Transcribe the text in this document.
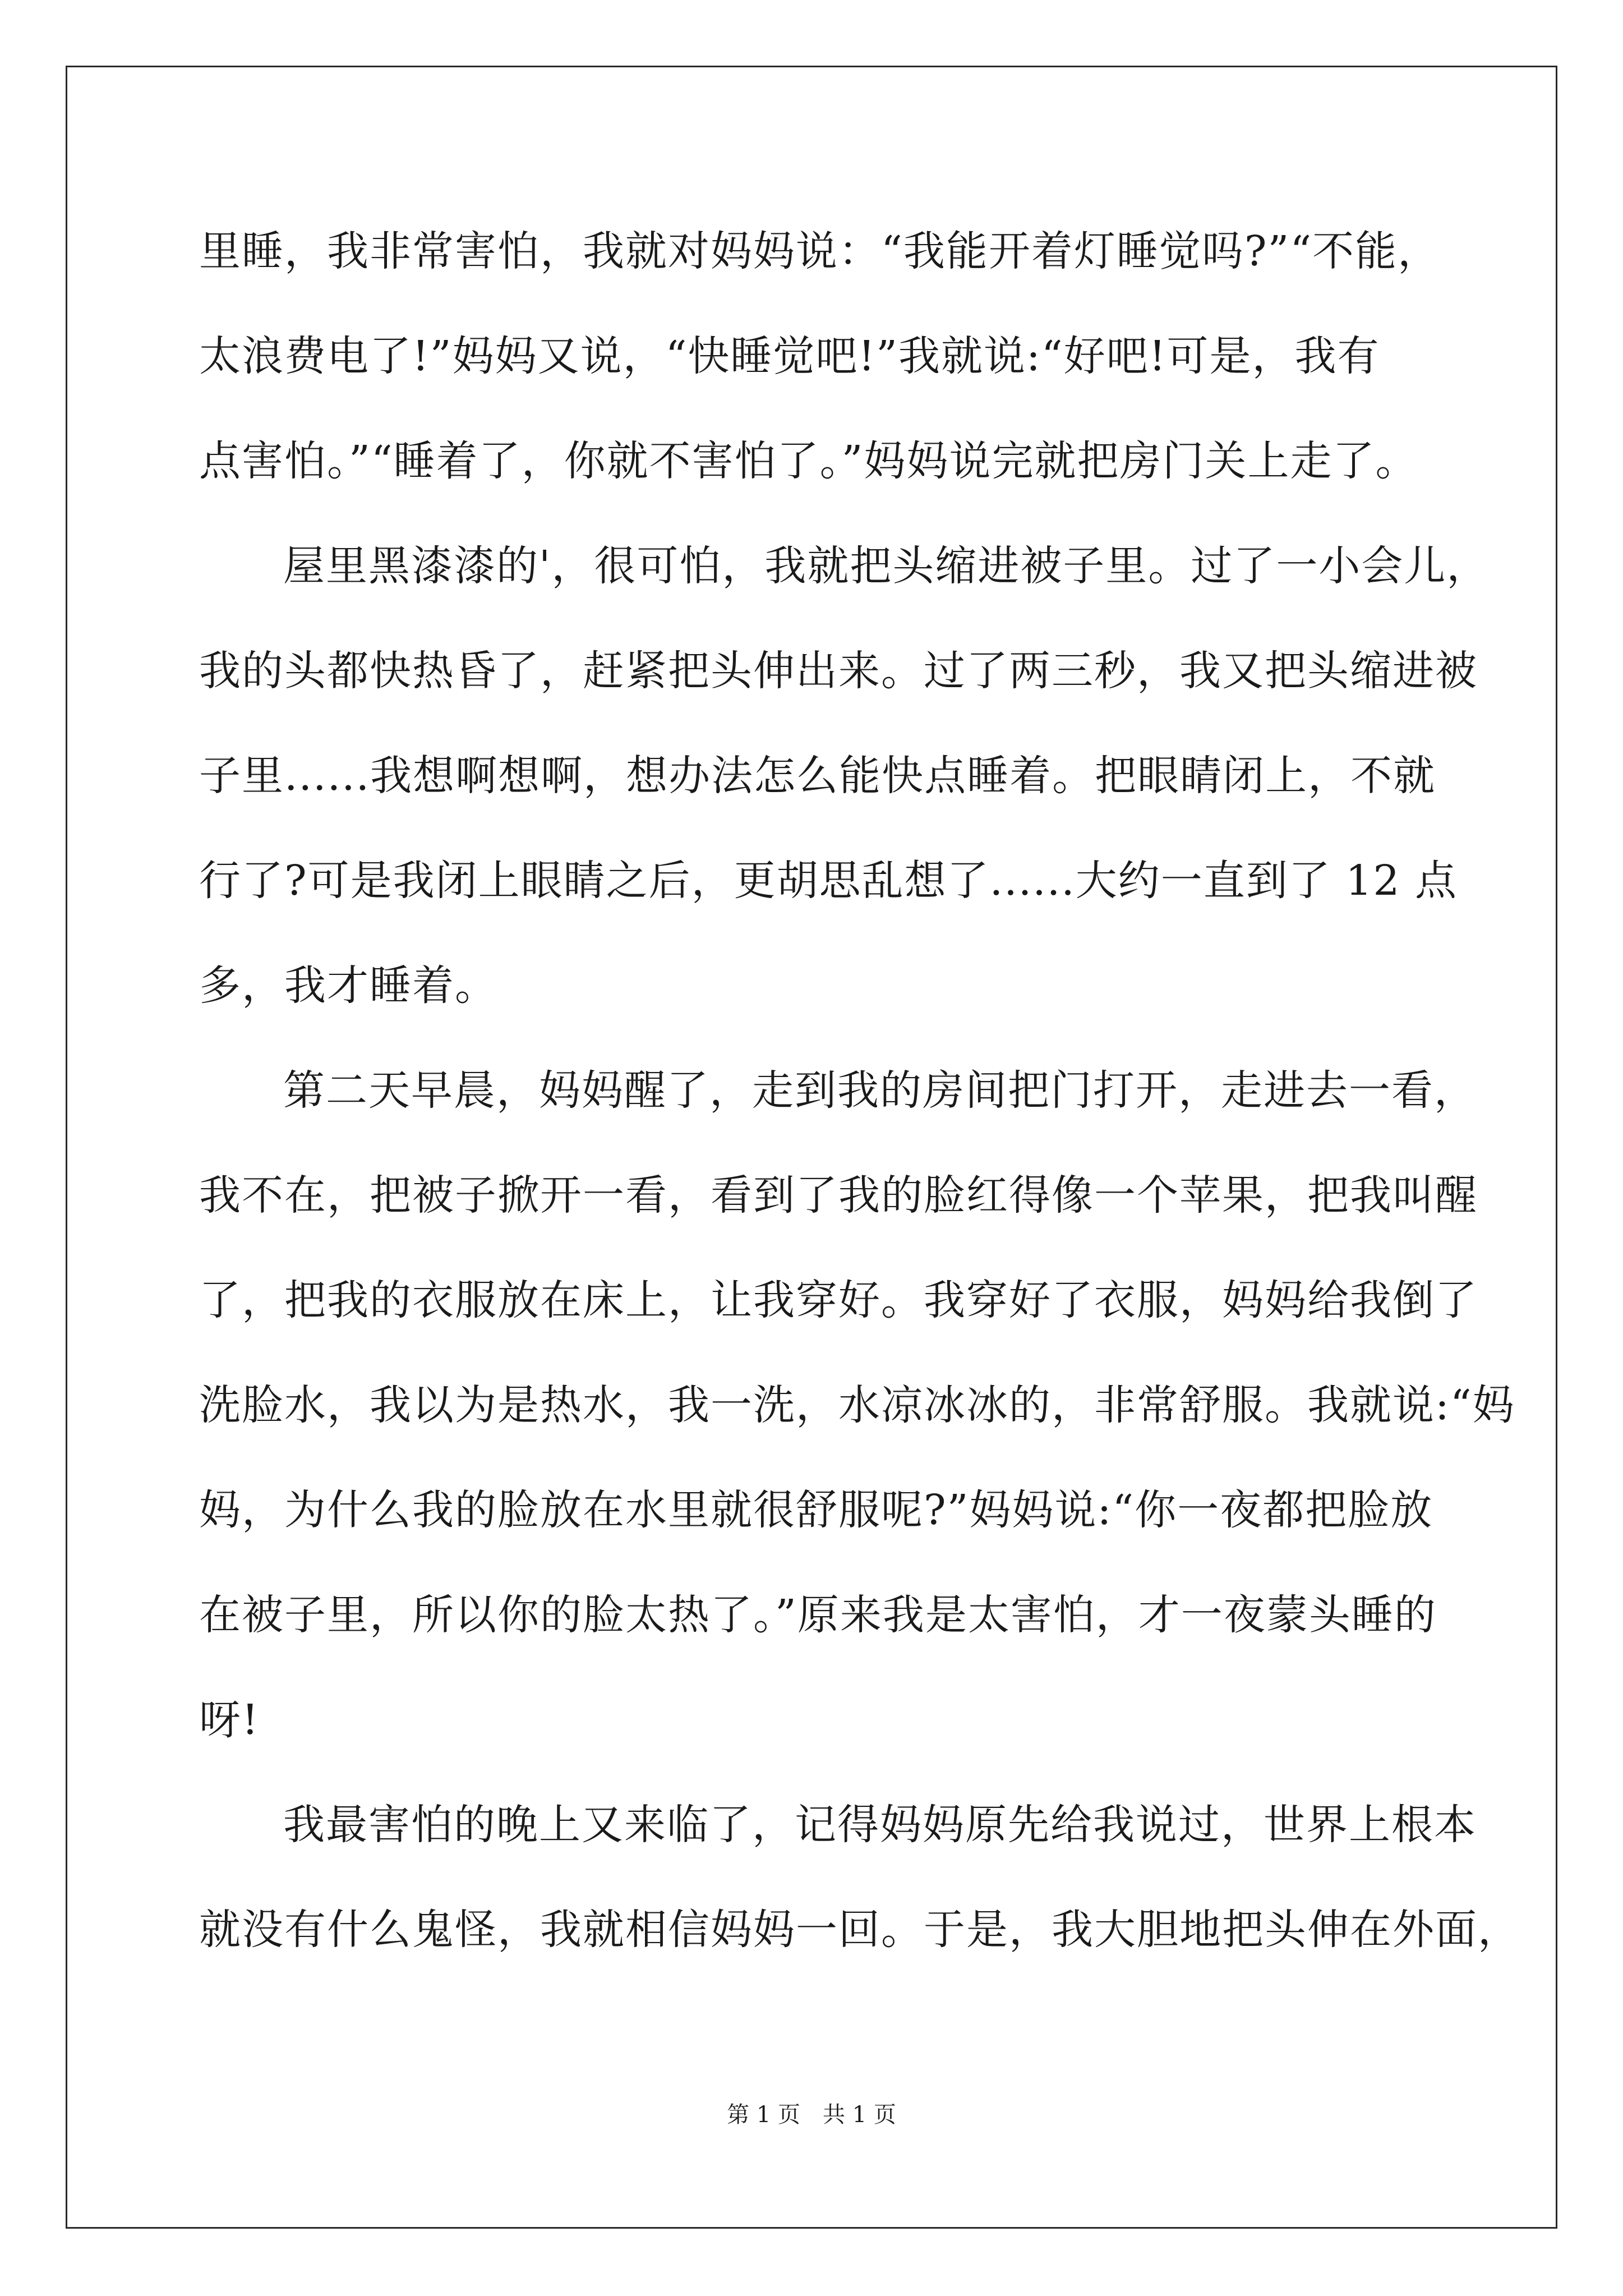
里睡，我非常害怕，我就对妈妈说：“我能开着灯睡觉吗?”“不能，
太浪费电了!”妈妈又说，“快睡觉吧!”我就说:“好吧!可是，我有
点害怕。”“睡着了，你就不害怕了。”妈妈说完就把房门关上走了。
屋里黑漆漆的'，很可怕，我就把头缩进被子里。过了一小会儿，
我的头都快热昏了，赶紧把头伸出来。过了两三秒，我又把头缩进被
子里......我想啊想啊，想办法怎么能快点睡着。把眼睛闭上，不就
行了?可是我闭上眼睛之后，更胡思乱想了......大约一直到了 12 点
多，我才睡着。
第二天早晨，妈妈醒了，走到我的房间把门打开，走进去一看，
我不在，把被子掀开一看，看到了我的脸红得像一个苹果，把我叫醒
了，把我的衣服放在床上，让我穿好。我穿好了衣服，妈妈给我倒了
洗脸水，我以为是热水，我一洗，水凉冰冰的，非常舒服。我就说:“妈
妈，为什么我的脸放在水里就很舒服呢?”妈妈说:“你一夜都把脸放
在被子里，所以你的脸太热了。”原来我是太害怕，才一夜蒙头睡的
呀!
我最害怕的晚上又来临了，记得妈妈原先给我说过，世界上根本
就没有什么鬼怪，我就相信妈妈一回。于是，我大胆地把头伸在外面，
第 1 页　共 1 页
